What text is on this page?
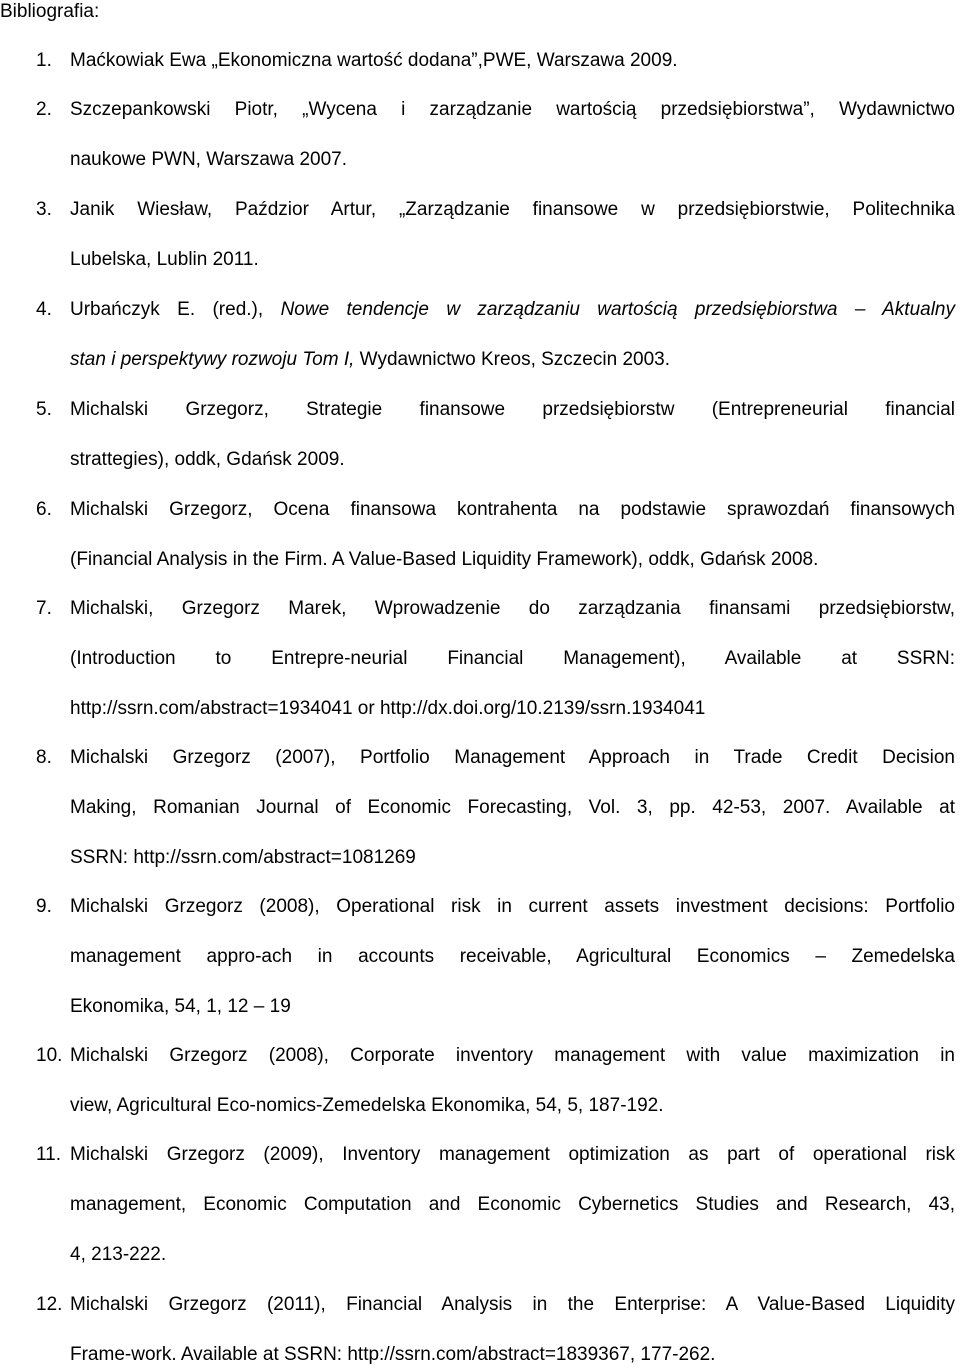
Bibliografia:
1. Maćkowiak Ewa „Ekonomiczna wartość dodana”,PWE, Warszawa 2009.
2. Szczepankowski Piotr, „Wycena i zarządzanie wartością przedsiębiorstwa”, Wydawnictwo
naukowe PWN, Warszawa 2007.
3. Janik Wiesław, Paździor Artur, „Zarządzanie finansowe w przedsiębiorstwie, Politechnika
Lubelska, Lublin 2011.
4. Urbańczyk E. (red.), Nowe tendencje w zarządzaniu wartością przedsiębiorstwa – Aktualny
stan i perspektywy rozwoju Tom I, Wydawnictwo Kreos, Szczecin 2003.
5. Michalski Grzegorz, Strategie finansowe przedsiębiorstw (Entrepreneurial financial
strattegies), oddk, Gdańsk 2009.
6. Michalski Grzegorz, Ocena finansowa kontrahenta na podstawie sprawozdań finansowych
(Financial Analysis in the Firm. A Value-Based Liquidity Framework), oddk, Gdańsk 2008.
7. Michalski, Grzegorz Marek, Wprowadzenie do zarządzania finansami przedsiębiorstw,
(Introduction to Entrepre-neurial Financial Management), Available at SSRN:
http://ssrn.com/abstract=1934041 or http://dx.doi.org/10.2139/ssrn.1934041
8. Michalski Grzegorz (2007), Portfolio Management Approach in Trade Credit Decision
Making, Romanian Journal of Economic Forecasting, Vol. 3, pp. 42-53, 2007. Available at
SSRN: http://ssrn.com/abstract=1081269
9. Michalski Grzegorz (2008), Operational risk in current assets investment decisions: Portfolio
management appro-ach in accounts receivable, Agricultural Economics – Zemedelska
Ekonomika, 54, 1, 12 – 19
10. Michalski Grzegorz (2008), Corporate inventory management with value maximization in
view, Agricultural Eco-nomics-Zemedelska Ekonomika, 54, 5, 187-192.
11. Michalski Grzegorz (2009), Inventory management optimization as part of operational risk
management, Economic Computation and Economic Cybernetics Studies and Research, 43,
4, 213-222.
12. Michalski Grzegorz (2011), Financial Analysis in the Enterprise: A Value-Based Liquidity
Frame-work. Available at SSRN: http://ssrn.com/abstract=1839367, 177-262.
